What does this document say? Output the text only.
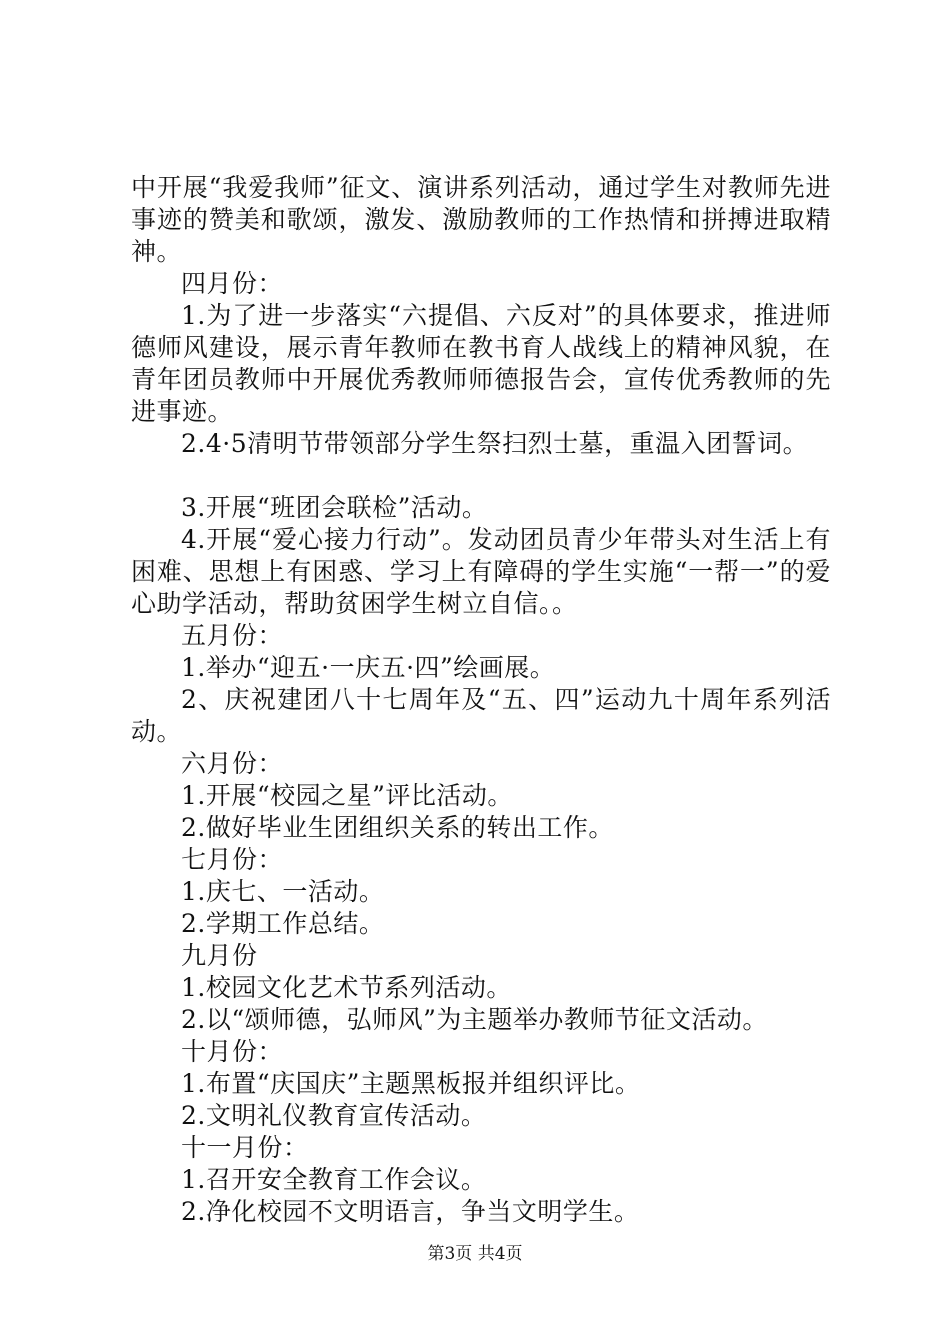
中开展“我爱我师”征文、演讲系列活动，通过学生对教师先进事迹的赞美和歌颂，激发、激励教师的工作热情和拼搏进取精神。

四月份：

1.为了进一步落实“六提倡、六反对”的具体要求，推进师德师风建设，展示青年教师在教书育人战线上的精神风貌，在青年团员教师中开展优秀教师师德报告会，宣传优秀教师的先进事迹。

2.4·5清明节带领部分学生祭扫烈士墓，重温入团誓词。

3.开展“班团会联检”活动。

4.开展“爱心接力行动”。发动团员青少年带头对生活上有困难、思想上有困惑、学习上有障碍的学生实施“一帮一”的爱心助学活动，帮助贫困学生树立自信。。

五月份：

1.举办“迎五·一庆五·四”绘画展。

2、庆祝建团八十七周年及“五、四”运动九十周年系列活动。

六月份：

1.开展“校园之星”评比活动。

2.做好毕业生团组织关系的转出工作。

七月份：

1.庆七、一活动。

2.学期工作总结。

九月份

1.校园文化艺术节系列活动。

2.以“颂师德，弘师风”为主题举办教师节征文活动。

十月份：

1.布置“庆国庆”主题黑板报并组织评比。

2.文明礼仪教育宣传活动。

十一月份：

1.召开安全教育工作会议。

2.净化校园不文明语言，争当文明学生。

第3页 共4页
